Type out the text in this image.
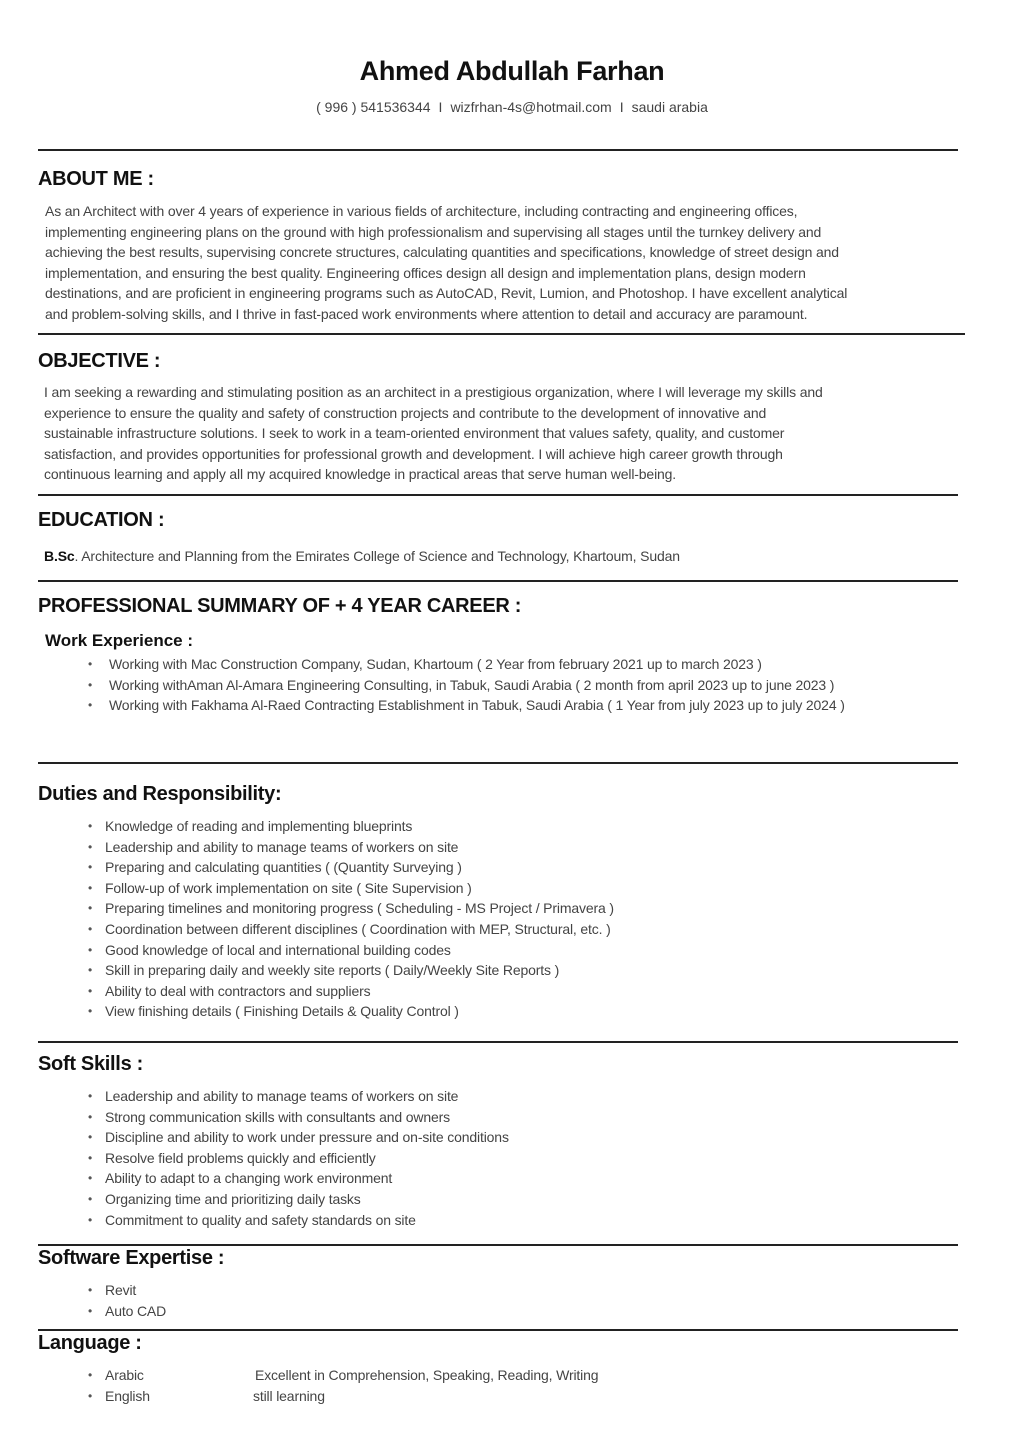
Ahmed Abdullah Farhan
( 996 ) 541536344 I wizfrhan-4s@hotmail.com I saudi arabia
ABOUT ME :
As an Architect with over 4 years of experience in various fields of architecture, including contracting and engineering offices,
implementing engineering plans on the ground with high professionalism and supervising all stages until the turnkey delivery and
achieving the best results, supervising concrete structures, calculating quantities and specifications, knowledge of street design and
implementation, and ensuring the best quality. Engineering offices design all design and implementation plans, design modern
destinations, and are proficient in engineering programs such as AutoCAD, Revit, Lumion, and Photoshop. I have excellent analytical
and problem-solving skills, and I thrive in fast-paced work environments where attention to detail and accuracy are paramount.
OBJECTIVE :
I am seeking a rewarding and stimulating position as an architect in a prestigious organization, where I will leverage my skills and
experience to ensure the quality and safety of construction projects and contribute to the development of innovative and
sustainable infrastructure solutions. I seek to work in a team-oriented environment that values safety, quality, and customer
satisfaction, and provides opportunities for professional growth and development. I will achieve high career growth through
continuous learning and apply all my acquired knowledge in practical areas that serve human well-being.
EDUCATION :
B.Sc. Architecture and Planning from the Emirates College of Science and Technology, Khartoum, Sudan
PROFESSIONAL SUMMARY OF + 4 YEAR CAREER :
Work Experience :
• Working with Mac Construction Company, Sudan, Khartoum ( 2 Year from february 2021 up to march 2023 )
• Working withAman Al-Amara Engineering Consulting, in Tabuk, Saudi Arabia ( 2 month from april 2023 up to june 2023 )
• Working with Fakhama Al-Raed Contracting Establishment in Tabuk, Saudi Arabia ( 1 Year from july 2023 up to july 2024 )
Duties and Responsibility:
• Knowledge of reading and implementing blueprints
• Leadership and ability to manage teams of workers on site
• Preparing and calculating quantities ( (Quantity Surveying )
• Follow-up of work implementation on site ( Site Supervision )
• Preparing timelines and monitoring progress ( Scheduling - MS Project / Primavera )
• Coordination between different disciplines ( Coordination with MEP, Structural, etc. )
• Good knowledge of local and international building codes
• Skill in preparing daily and weekly site reports ( Daily/Weekly Site Reports )
• Ability to deal with contractors and suppliers
• View finishing details ( Finishing Details & Quality Control )
Soft Skills :
• Leadership and ability to manage teams of workers on site
• Strong communication skills with consultants and owners
• Discipline and ability to work under pressure and on-site conditions
• Resolve field problems quickly and efficiently
• Ability to adapt to a changing work environment
• Organizing time and prioritizing daily tasks
• Commitment to quality and safety standards on site
Software Expertise :
• Revit
• Auto CAD
Language :
• Arabic	Excellent in Comprehension, Speaking, Reading, Writing
• English	still learning
